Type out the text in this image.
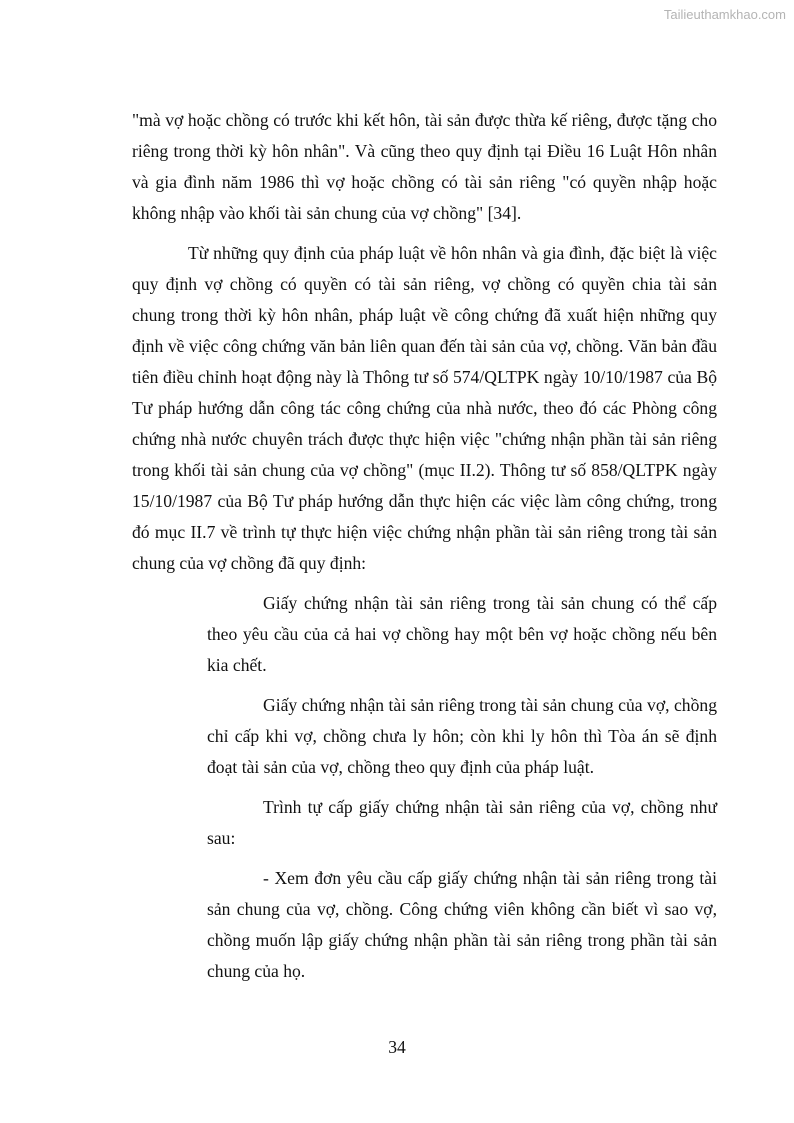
Tailieuthamkhao.com

"mà vợ hoặc chồng có trước khi kết hôn, tài sản được thừa kế riêng, được tặng cho riêng trong thời kỳ hôn nhân". Và cũng theo quy định tại Điều 16 Luật Hôn nhân và gia đình năm 1986 thì vợ hoặc chồng có tài sản riêng "có quyền nhập hoặc không nhập vào khối tài sản chung của vợ chồng" [34].

Từ những quy định của pháp luật về hôn nhân và gia đình, đặc biệt là việc quy định vợ chồng có quyền có tài sản riêng, vợ chồng có quyền chia tài sản chung trong thời kỳ hôn nhân, pháp luật về công chứng đã xuất hiện những quy định về việc công chứng văn bản liên quan đến tài sản của vợ, chồng. Văn bản đầu tiên điều chỉnh hoạt động này là Thông tư số 574/QLTPK ngày 10/10/1987 của Bộ Tư pháp hướng dẫn công tác công chứng của nhà nước, theo đó các Phòng công chứng nhà nước chuyên trách được thực hiện việc "chứng nhận phần tài sản riêng trong khối tài sản chung của vợ chồng" (mục II.2). Thông tư số 858/QLTPK ngày 15/10/1987 của Bộ Tư pháp hướng dẫn thực hiện các việc làm công chứng, trong đó mục II.7 về trình tự thực hiện việc chứng nhận phần tài sản riêng trong tài sản chung của vợ chồng đã quy định:

Giấy chứng nhận tài sản riêng trong tài sản chung có thể cấp theo yêu cầu của cả hai vợ chồng hay một bên vợ hoặc chồng nếu bên kia chết.

Giấy chứng nhận tài sản riêng trong tài sản chung của vợ, chồng chỉ cấp khi vợ, chồng chưa ly hôn; còn khi ly hôn thì Tòa án sẽ định đoạt tài sản của vợ, chồng theo quy định của pháp luật.

Trình tự cấp giấy chứng nhận tài sản riêng của vợ, chồng như sau:

- Xem đơn yêu cầu cấp giấy chứng nhận tài sản riêng trong tài sản chung của vợ, chồng. Công chứng viên không cần biết vì sao vợ, chồng muốn lập giấy chứng nhận phần tài sản riêng trong phần tài sản chung của họ.

34
